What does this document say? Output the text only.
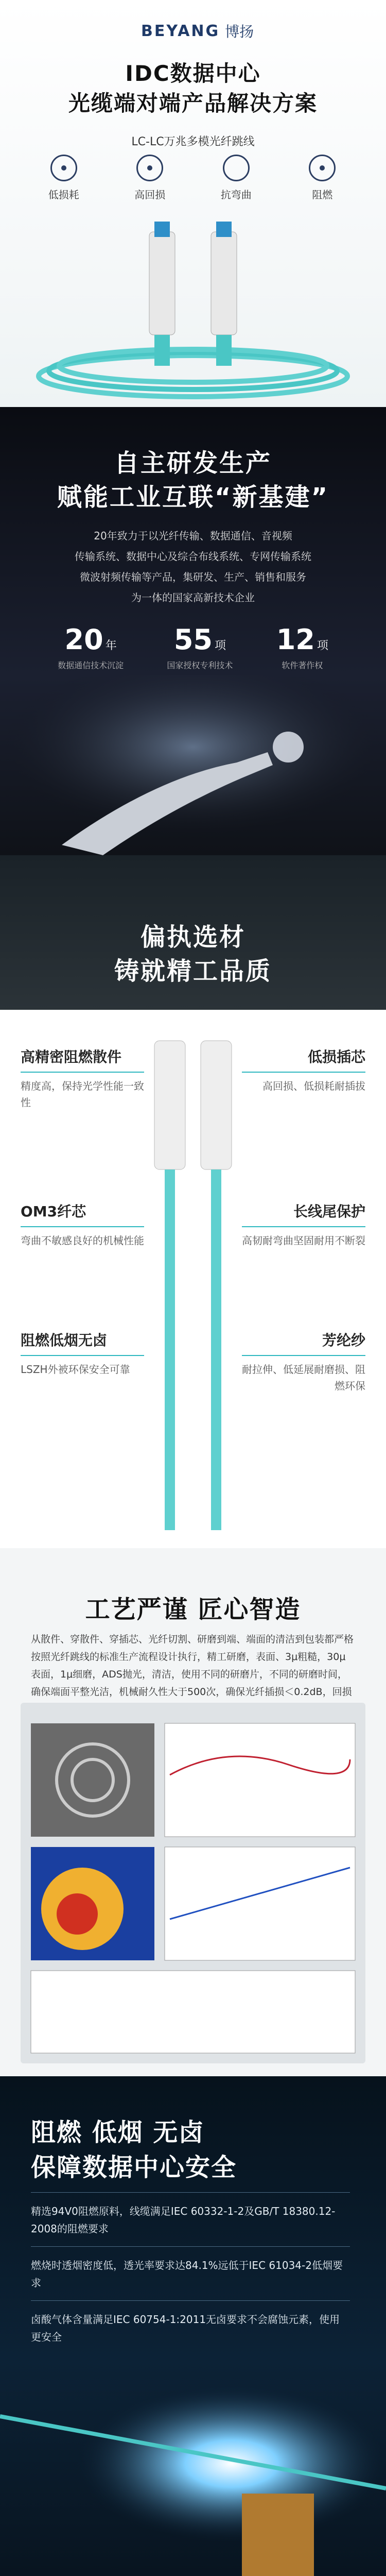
BEYANG 博扬
IDC数据中心
光缆端对端产品解决方案
LC-LC万兆多模光纤跳线
低损耗	高回损	抗弯曲	阻燃
自主研发生产
赋能工业互联“新基建”
20年致力于以光纤传输、数据通信、音视频
传输系统、数据中心及综合布线系统、专网传输系统
微波射频传输等产品，集研发、生产、销售和服务
为一体的国家高新技术企业
20 年
数据通信技术沉淀
55 项
国家授权专利技术
12 项
软件著作权
偏执选材
铸就精工品质
高精密阻燃散件
精度高，保持光学性能一致性
低损插芯
高回损、低损耗耐插拔
OM3纤芯
弯曲不敏感良好的机械性能
长线尾保护
高韧耐弯曲坚固耐用不断裂
阻燃低烟无卤
LSZH外被环保安全可靠
芳纶纱
耐拉伸、低延展耐磨损、阻燃环保
工艺严谨 匠心智造
从散件、穿散件、穿插芯、光纤切割、研磨到端、端面的清洁到包装都严格按照光纤跳线的标准生产流程设计执行，精工研磨，表面、3μ粗糙，30μ表面，1μ细磨，ADS抛光，清洁，使用不同的研磨片，不同的研磨时间，确保端面平整光洁，机械耐久性大于500次，确保光纤插损＜0.2dB，回损
阻燃 低烟 无卤
保障数据中心安全
精选94V0阻燃原料，线缆满足IEC 60332-1-2及GB/T 18380.12-2008的阻燃要求
燃烧时透烟密度低，透光率要求达84.1%远低于IEC 61034-2低烟要求
卤酸气体含量满足IEC 60754-1:2011无卤要求不会腐蚀元素，使用更安全
